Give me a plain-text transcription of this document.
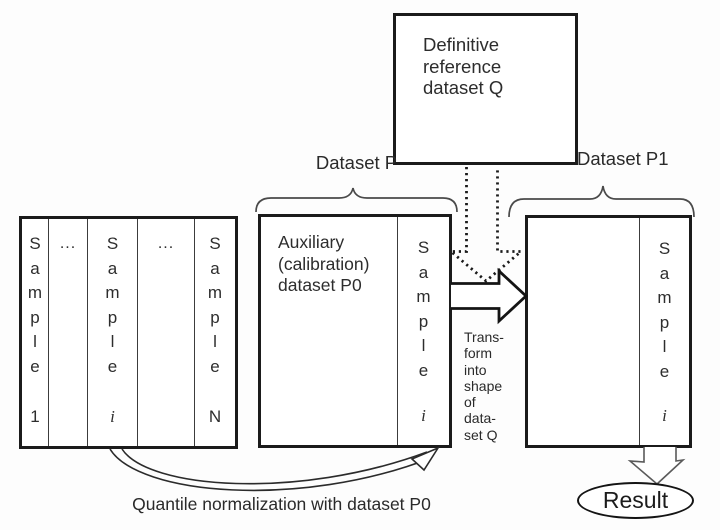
Definitive
reference
dataset Q
Dataset P	Dataset P1
S
a
m
p
l
e
1
... S
a
m
p
l
e
i
... S
a
m
p
l
e
N
Auxiliary
(calibration)
dataset P0
S
a
m
p
l
e
i
S
a
m
p
l
e
i
Trans-
form
into
shape
of
data-
set Q
Quantile normalization with dataset P0	Result
